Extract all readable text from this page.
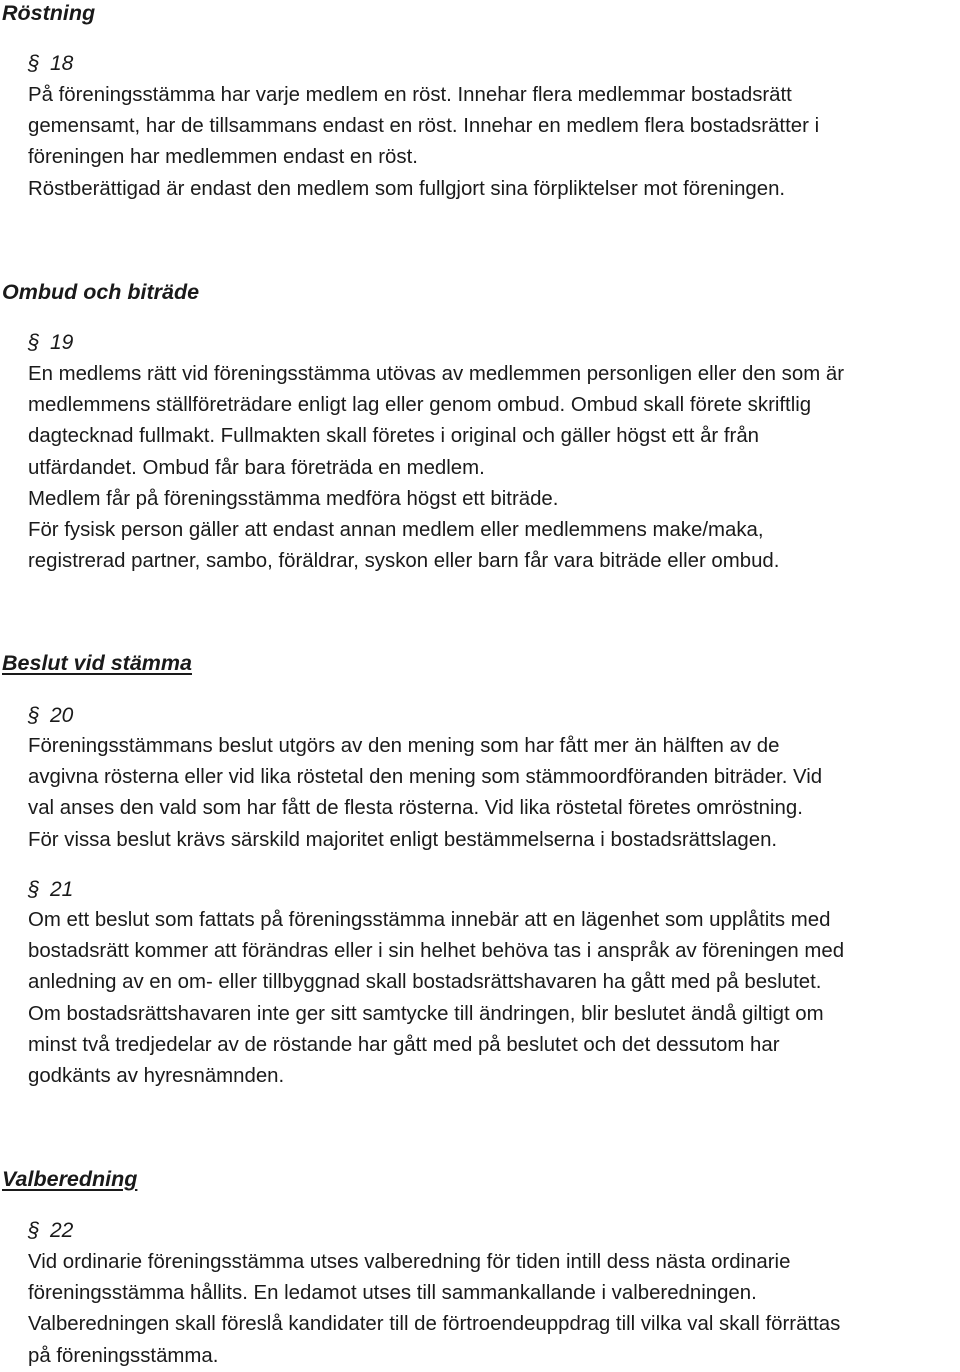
Röstning
§ 18
På föreningsstämma har varje medlem en röst. Innehar flera medlemmar bostadsrätt
gemensamt, har de tillsammans endast en röst. Innehar en medlem flera bostadsrätter i
föreningen har medlemmen endast en röst.
Röstberättigad är endast den medlem som fullgjort sina förpliktelser mot föreningen.
Ombud och biträde
§ 19
En medlems rätt vid föreningsstämma utövas av medlemmen personligen eller den som är
medlemmens ställföreträdare enligt lag eller genom ombud. Ombud skall förete skriftlig
dagtecknad fullmakt. Fullmakten skall företes i original och gäller högst ett år från
utfärdandet. Ombud får bara företräda en medlem.
Medlem får på föreningsstämma medföra högst ett biträde.
För fysisk person gäller att endast annan medlem eller medlemmens make/maka,
registrerad partner, sambo, föräldrar, syskon eller barn får vara biträde eller ombud.
Beslut vid stämma
§ 20
Föreningsstämmans beslut utgörs av den mening som har fått mer än hälften av de
avgivna rösterna eller vid lika röstetal den mening som stämmoordföranden biträder. Vid
val anses den vald som har fått de flesta rösterna. Vid lika röstetal företes omröstning.
För vissa beslut krävs särskild majoritet enligt bestämmelserna i bostadsrättslagen.
§ 21
Om ett beslut som fattats på föreningsstämma innebär att en lägenhet som upplåtits med
bostadsrätt kommer att förändras eller i sin helhet behöva tas i anspråk av föreningen med
anledning av en om- eller tillbyggnad skall bostadsrättshavaren ha gått med på beslutet.
Om bostadsrättshavaren inte ger sitt samtycke till ändringen, blir beslutet ändå giltigt om
minst två tredjedelar av de röstande har gått med på beslutet och det dessutom har
godkänts av hyresnämnden.
Valberedning
§ 22
Vid ordinarie föreningsstämma utses valberedning för tiden intill dess nästa ordinarie
föreningsstämma hållits. En ledamot utses till sammankallande i valberedningen.
Valberedningen skall föreslå kandidater till de förtroendeuppdrag till vilka val skall förrättas
på föreningsstämma.
